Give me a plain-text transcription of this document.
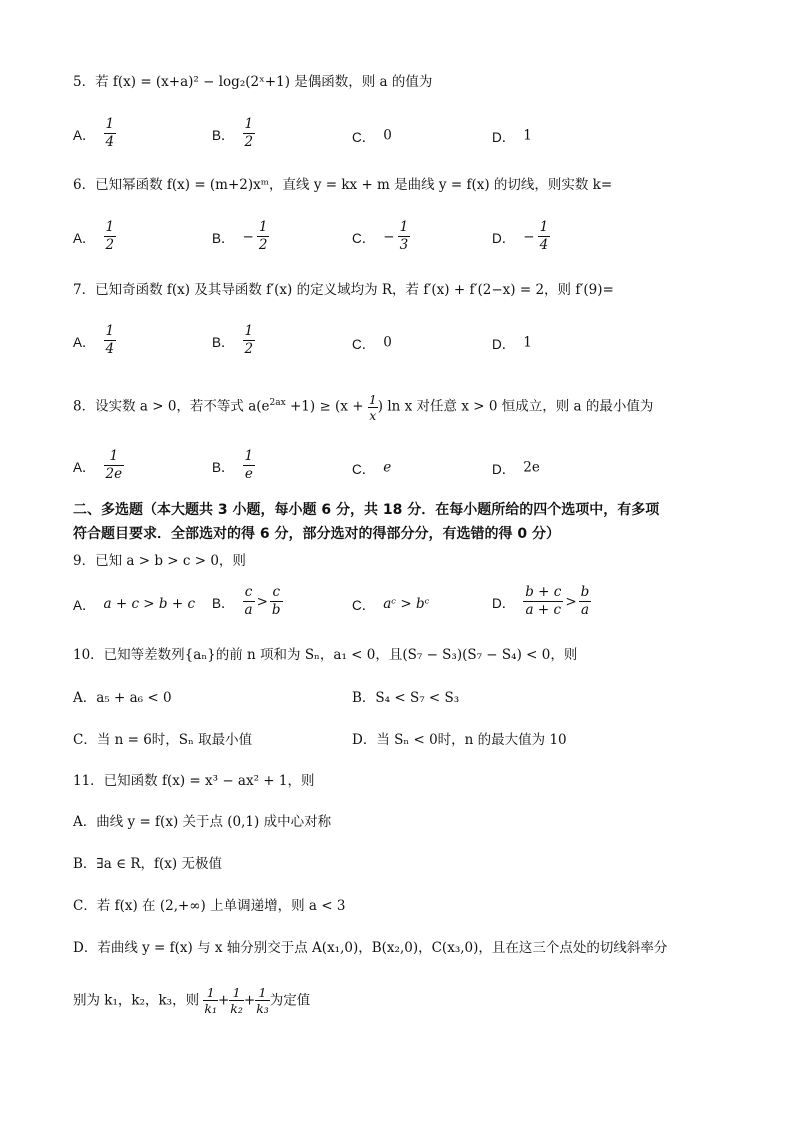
5．若 f(x) = (x+a)² − log₂(2ˣ+1) 是偶函数，则 a 的值为
A． $\frac{1}{4}$	B． $\frac{1}{2}$	C． 0	D． 1
6．已知幂函数 f(x) = (m+2)xᵐ，直线 y = kx + m 是曲线 y = f(x) 的切线，则实数 k=
A． $\frac{1}{2}$	B． − $\frac{1}{2}$	C． − $\frac{1}{3}$	D． − $\frac{1}{4}$
7．已知奇函数 f(x) 及其导函数 f′(x) 的定义域均为 R，若 f′(x) + f′(2−x) = 2，则 f′(9)=
A． $\frac{1}{4}$	B． $\frac{1}{2}$	C． 0	D． 1
8．设实数 a > 0，若不等式 $a(e^{2ax} +1) \ge (x + \frac{1}{x}$ ) ln x 对任意 x > 0 恒成立，则 a 的最小值为
A． $\frac{1}{2e}$	B． $\frac{1}{e}$	C． e	D． 2e
二、多选题（本大题共 3 小题，每小题 6 分，共 18 分．在每小题所给的四个选项中，有多项
符合题目要求．全部选对的得 6 分，部分选对的得部分分，有选错的得 0 分）
9．已知 a > b > c > 0，则
A． a + c > b + c B． $\frac{c}{a} > \frac{c}{b}$	C． aᶜ > bᶜ	D． $\frac{b + c}{a + c} > \frac{b}{a}$
10．已知等差数列{aₙ}的前 n 项和为 Sₙ，a₁ < 0，且(S₇ − S₃)(S₇ − S₄) < 0，则
A．a₅ + a₆ < 0	B．S₄ < S₇ < S₃
C．当 n = 6时，Sₙ 取最小值	D．当 Sₙ < 0时，n 的最大值为 10
11．已知函数 f(x) = x³ − ax² + 1，则
A．曲线 y = f(x) 关于点 (0,1) 成中心对称
B．∃a ∈ R，f(x) 无极值
C．若 f(x) 在 (2,+∞) 上单调递增，则 a < 3
D．若曲线 y = f(x) 与 x 轴分别交于点 A(x₁,0)，B(x₂,0)，C(x₃,0)，且在这三个点处的切线斜率分
别为 k₁，k₂，k₃，则 $\frac{1}{\text{k₁}} + \frac{1}{\text{k₂}} + \frac{1}{\text{k₃}}$ 为定值
